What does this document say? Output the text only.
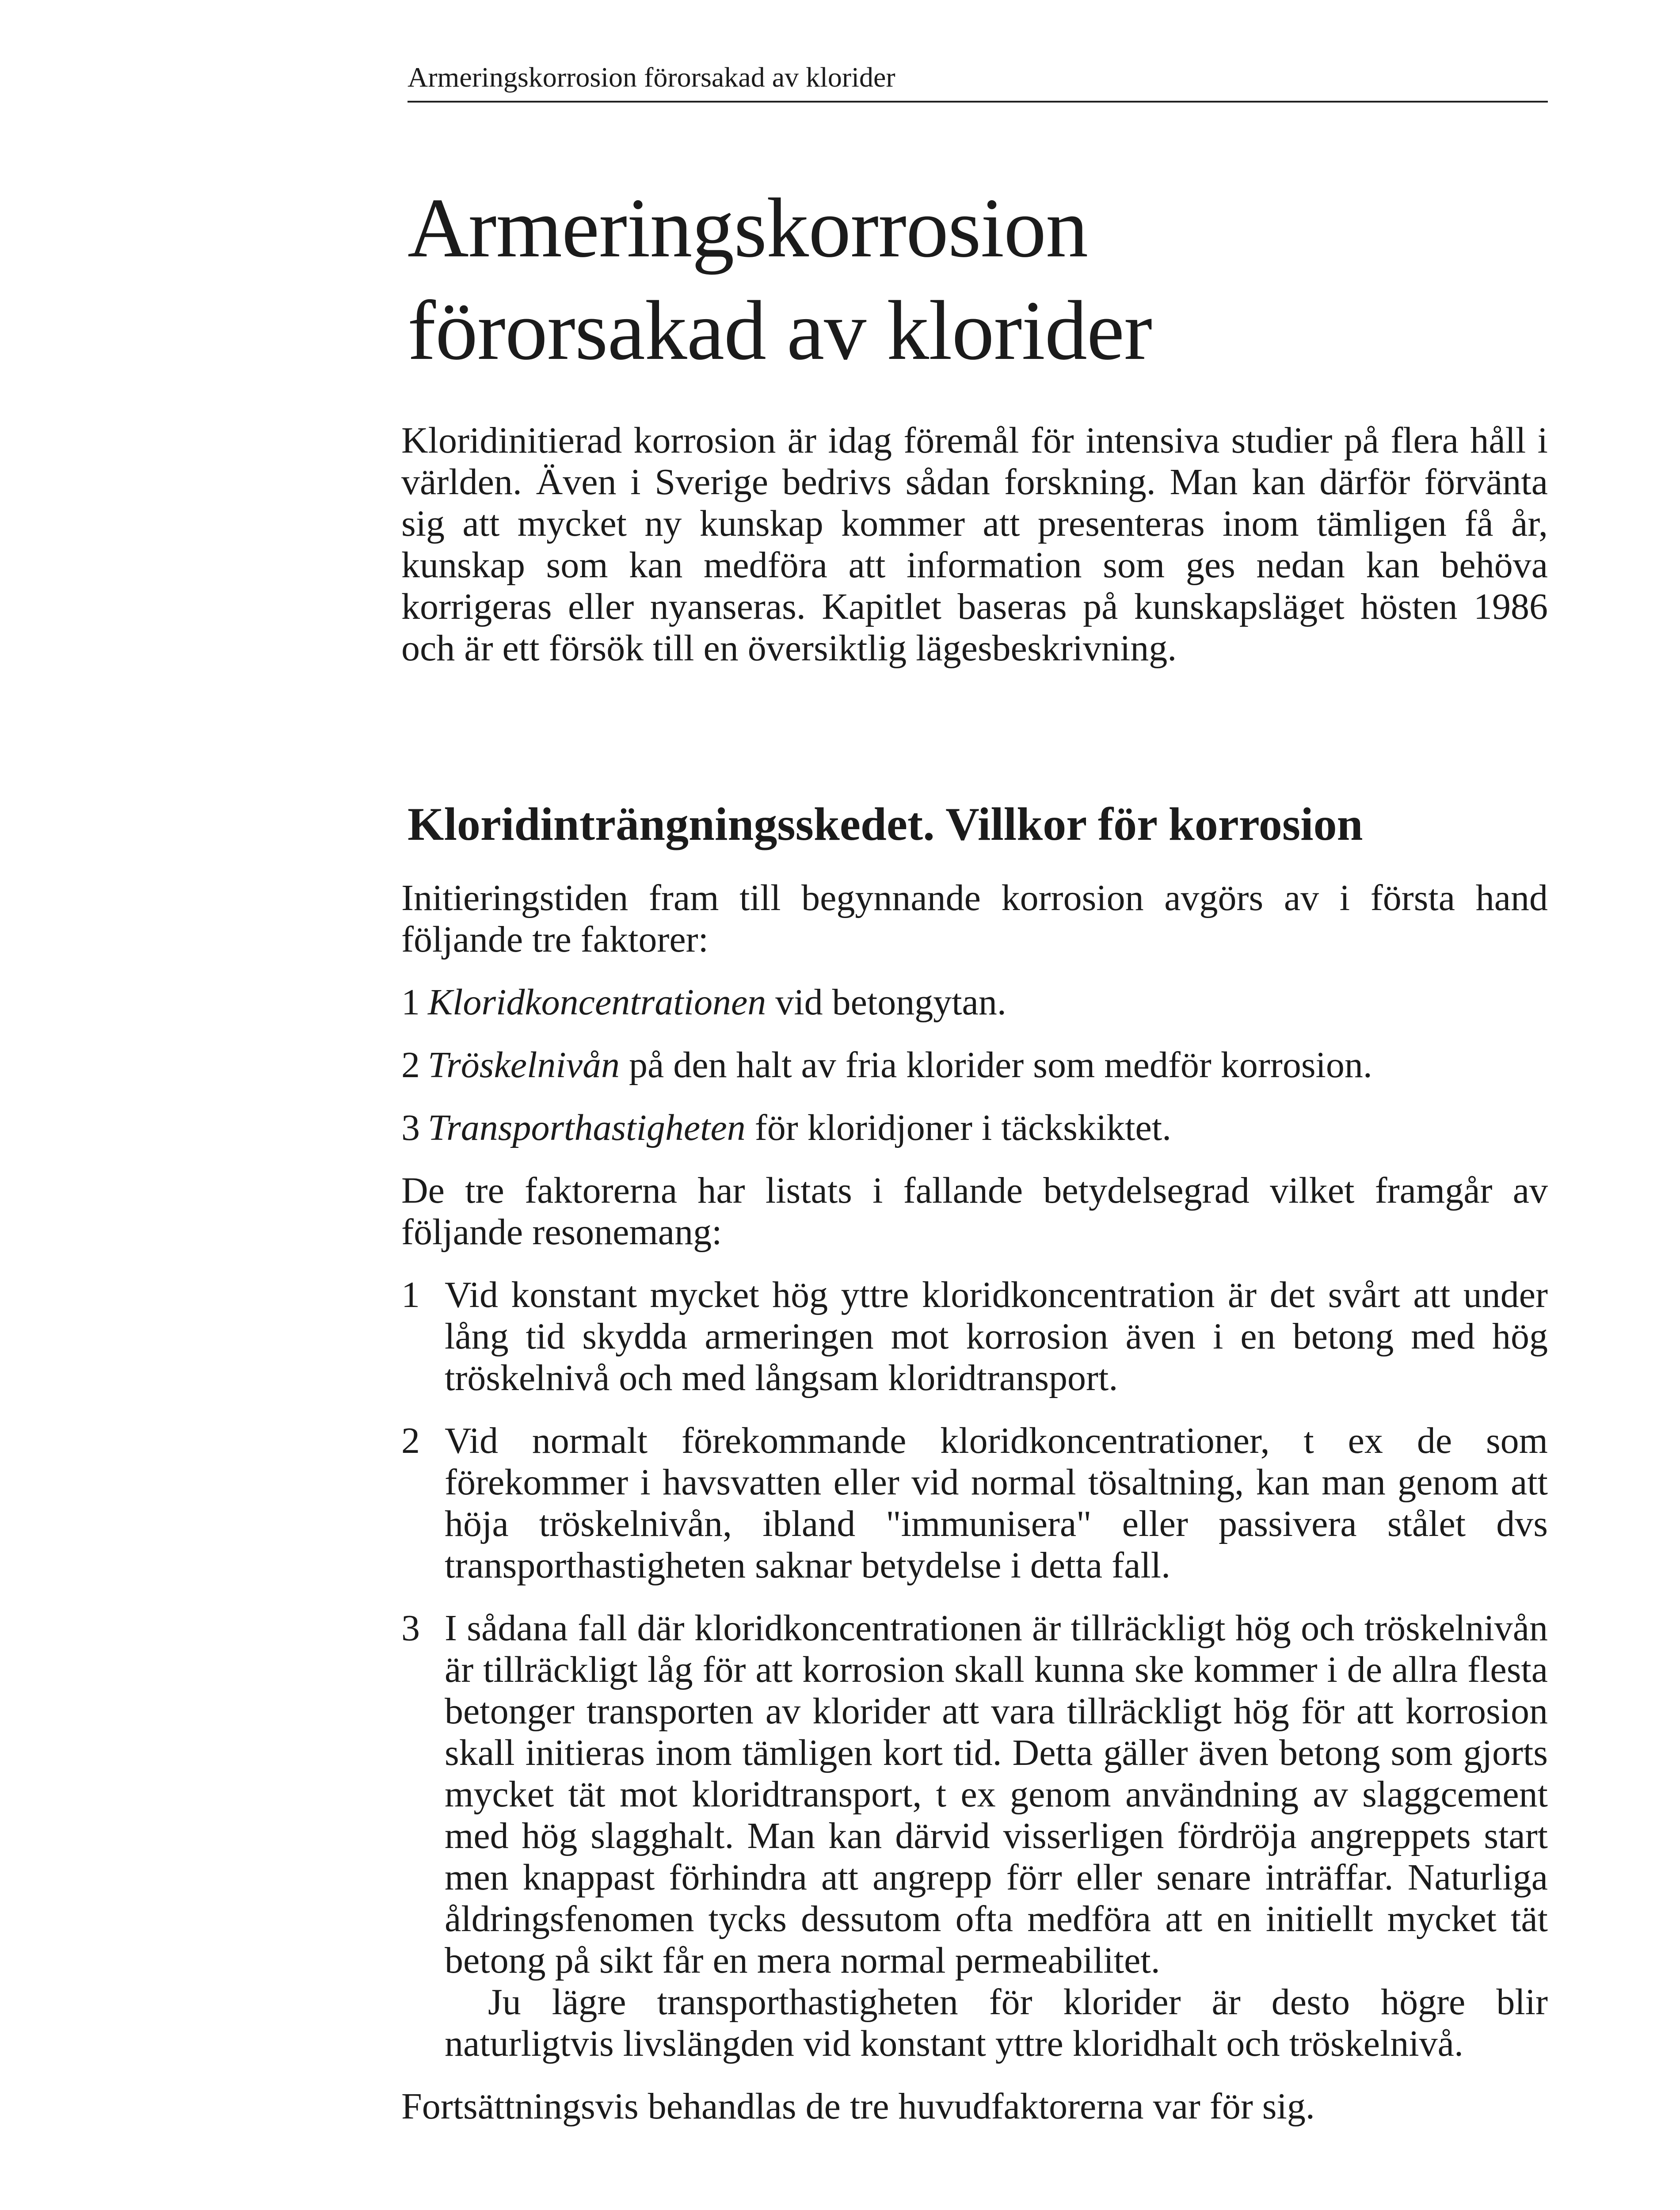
Armeringskorrosion förorsakad av klorider
Armeringskorrosion
förorsakad av klorider
Kloridinitierad korrosion är idag föremål för intensiva studier på flera håll i världen. Även i Sverige bedrivs sådan forskning. Man kan därför förvänta sig att mycket ny kunskap kommer att presenteras inom tämligen få år, kunskap som kan medföra att information som ges nedan kan behöva korrigeras eller nyanseras. Kapitlet baseras på kunskapsläget hösten 1986 och är ett försök till en översiktlig lägesbeskrivning.
Kloridinträngningsskedet. Villkor för korrosion

Initieringstiden fram till begynnande korrosion avgörs av i första hand följande tre faktorer:

1 Kloridkoncentrationen vid betongytan.

2 Tröskelnivån på den halt av fria klorider som medför korrosion.

3 Transporthastigheten för kloridjoner i täckskiktet.

De tre faktorerna har listats i fallande betydelsegrad vilket framgår av följande resonemang:

1 Vid konstant mycket hög yttre kloridkoncentration är det svårt att under lång tid skydda armeringen mot korrosion även i en betong med hög tröskelnivå och med långsam kloridtransport.

2 Vid normalt förekommande kloridkoncentrationer, t ex de som förekommer i havsvatten eller vid normal tösaltning, kan man genom att höja tröskelnivån, ibland "immunisera" eller passivera stålet dvs transporthastigheten saknar betydelse i detta fall.

3 I sådana fall där kloridkoncentrationen är tillräckligt hög och tröskelnivån är tillräckligt låg för att korrosion skall kunna ske kommer i de allra flesta betonger transporten av klorider att vara tillräckligt hög för att korrosion skall initieras inom tämligen kort tid. Detta gäller även betong som gjorts mycket tät mot kloridtransport, t ex genom användning av slaggcement med hög slagghalt. Man kan därvid visserligen fördröja angreppets start men knappast förhindra att angrepp förr eller senare inträffar. Naturliga åldringsfenomen tycks dessutom ofta medföra att en initiellt mycket tät betong på sikt får en mera normal permeabilitet.

Ju lägre transporthastigheten för klorider är desto högre blir naturligtvis livslängden vid konstant yttre kloridhalt och tröskelnivå.

Fortsättningsvis behandlas de tre huvudfaktorerna var för sig.
